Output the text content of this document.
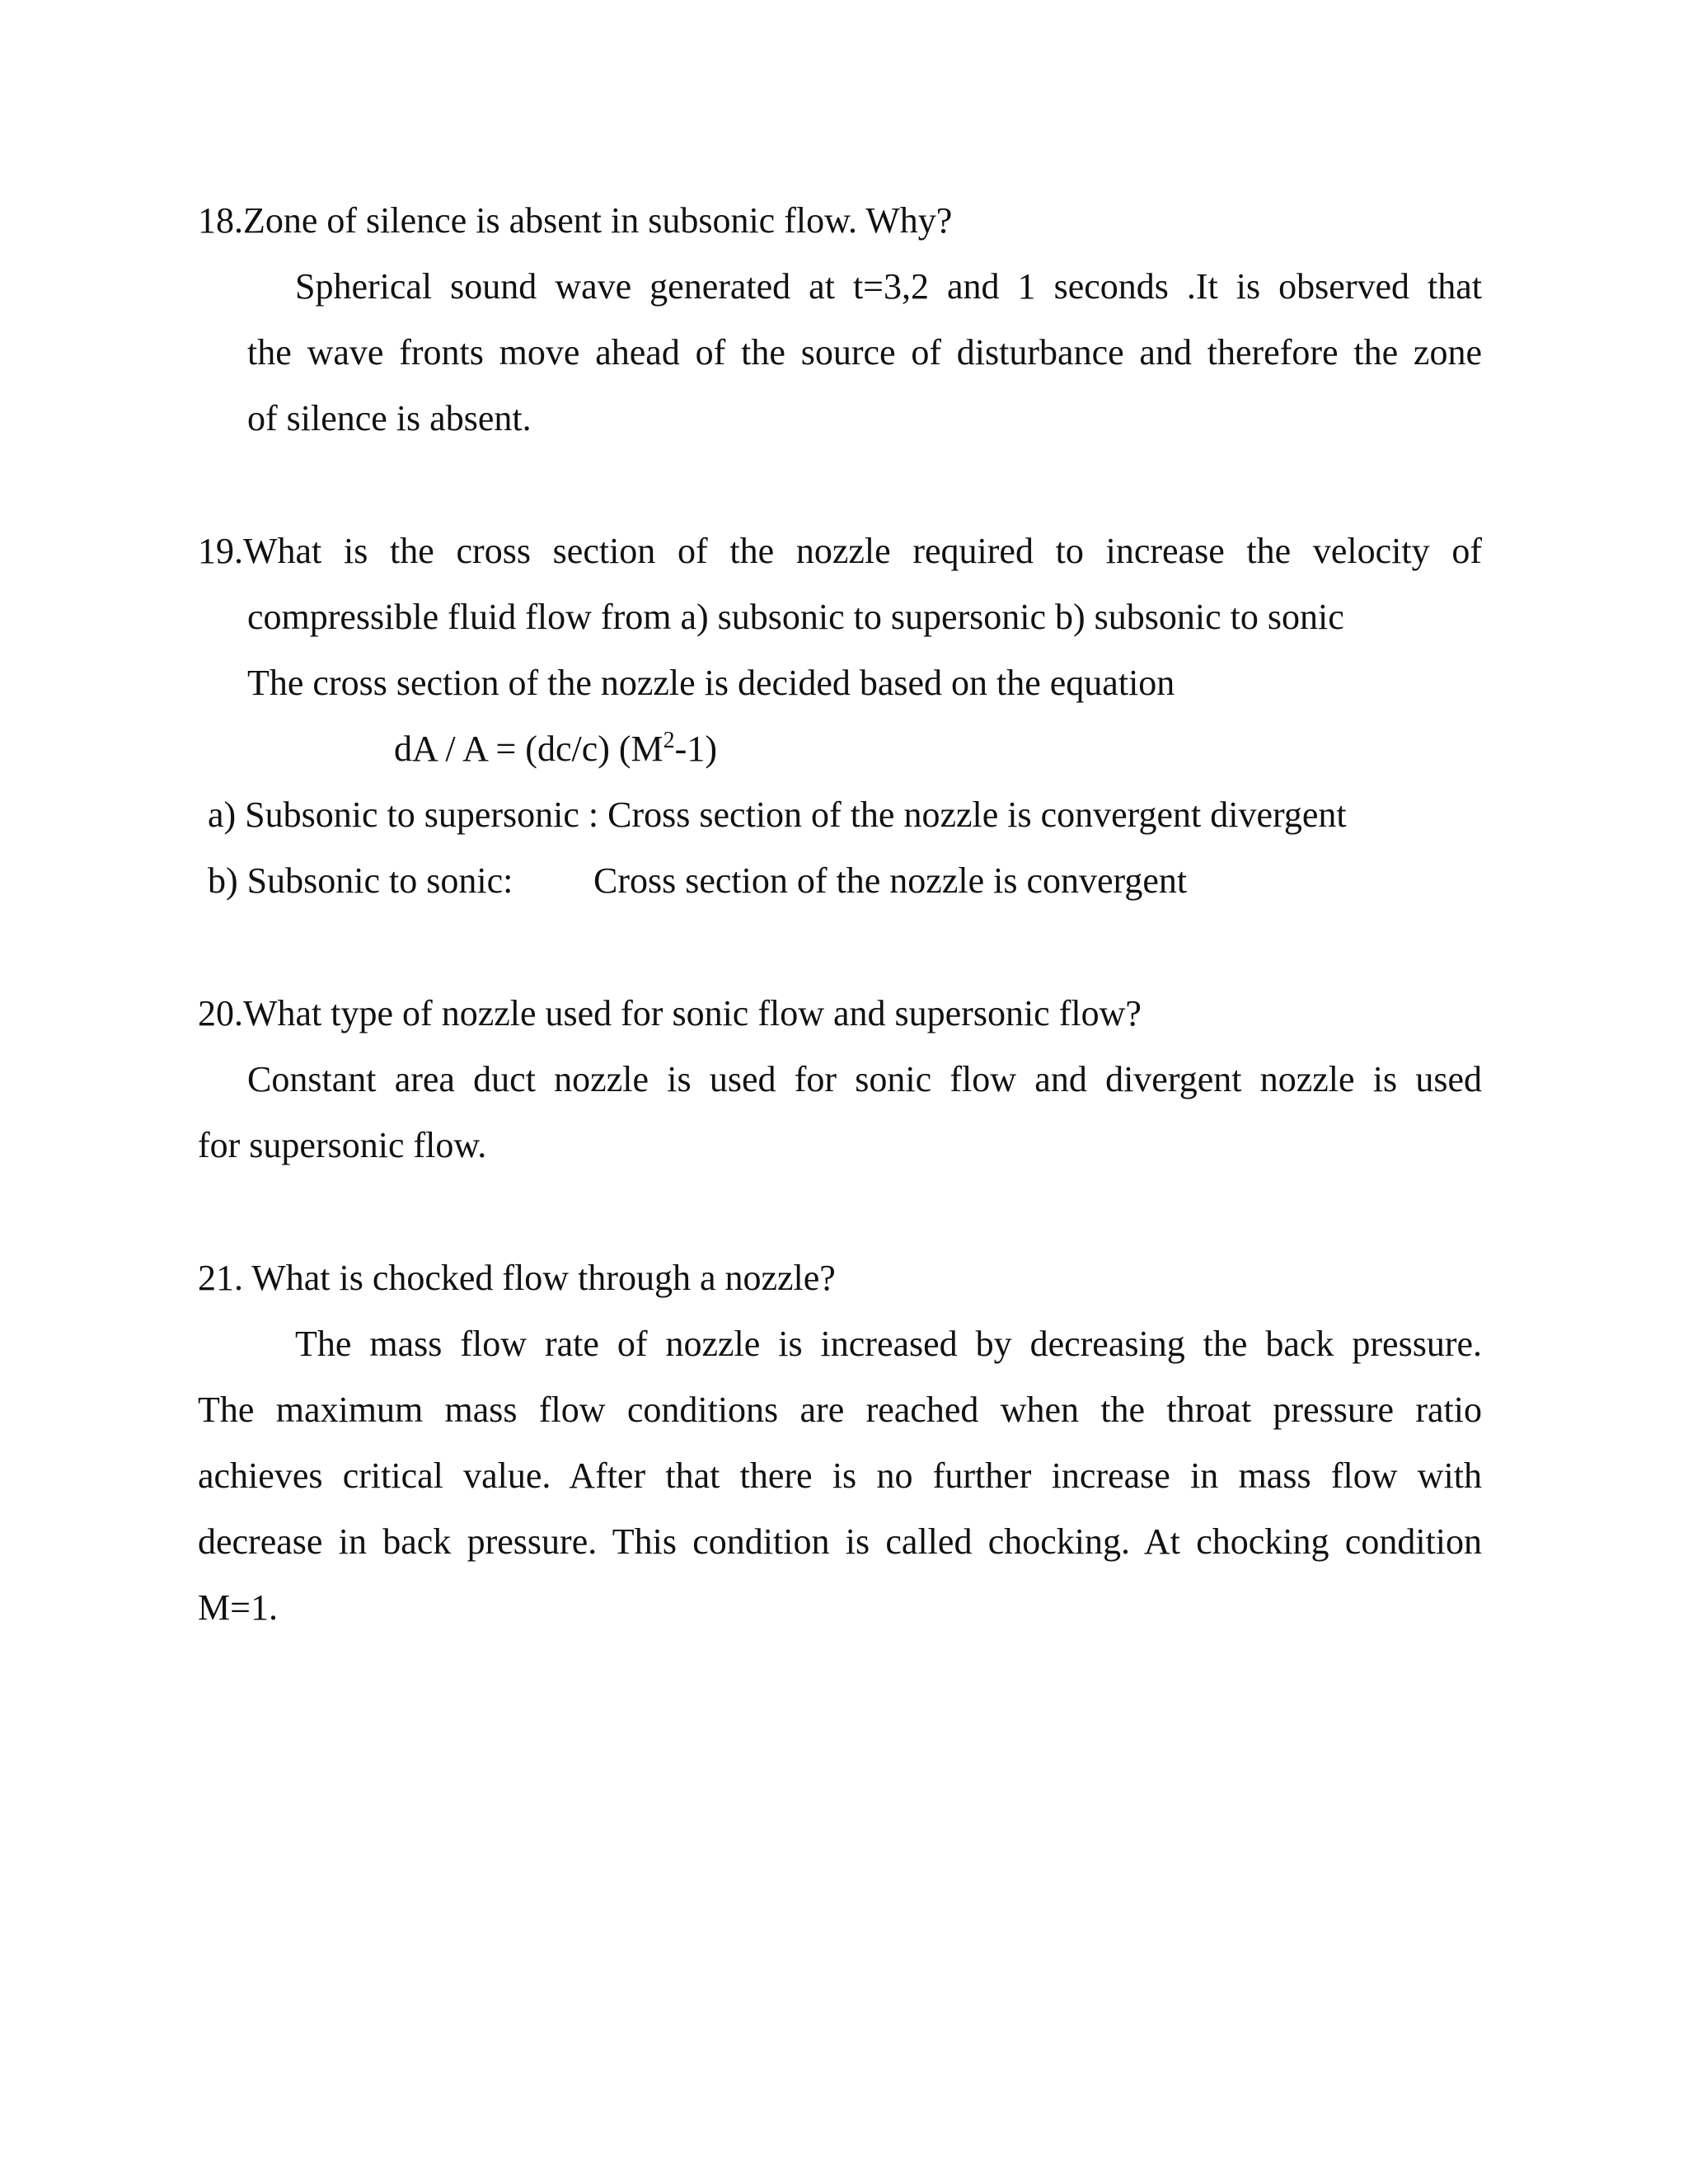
18.Zone of silence is absent in subsonic flow. Why?
Spherical sound wave generated at t=3,2 and 1 seconds .It is observed that
the wave fronts move ahead of the source of disturbance and therefore the zone
of silence is absent.
19.What is the cross section of the nozzle required to increase the velocity of
compressible fluid flow from a) subsonic to supersonic b) subsonic to sonic
The cross section of the nozzle is decided based on the equation
dA / A = (dc/c) $(M^2-1)$
a) Subsonic to supersonic : Cross section of the nozzle is convergent divergent
b) Subsonic to sonic: Cross section of the nozzle is convergent
20.What type of nozzle used for sonic flow and supersonic flow?
Constant area duct nozzle is used for sonic flow and divergent nozzle is used
for supersonic flow.
21. What is chocked flow through a nozzle?
The mass flow rate of nozzle is increased by decreasing the back pressure.
The maximum mass flow conditions are reached when the throat pressure ratio
achieves critical value. After that there is no further increase in mass flow with
decrease in back pressure. This condition is called chocking. At chocking condition
M=1.
